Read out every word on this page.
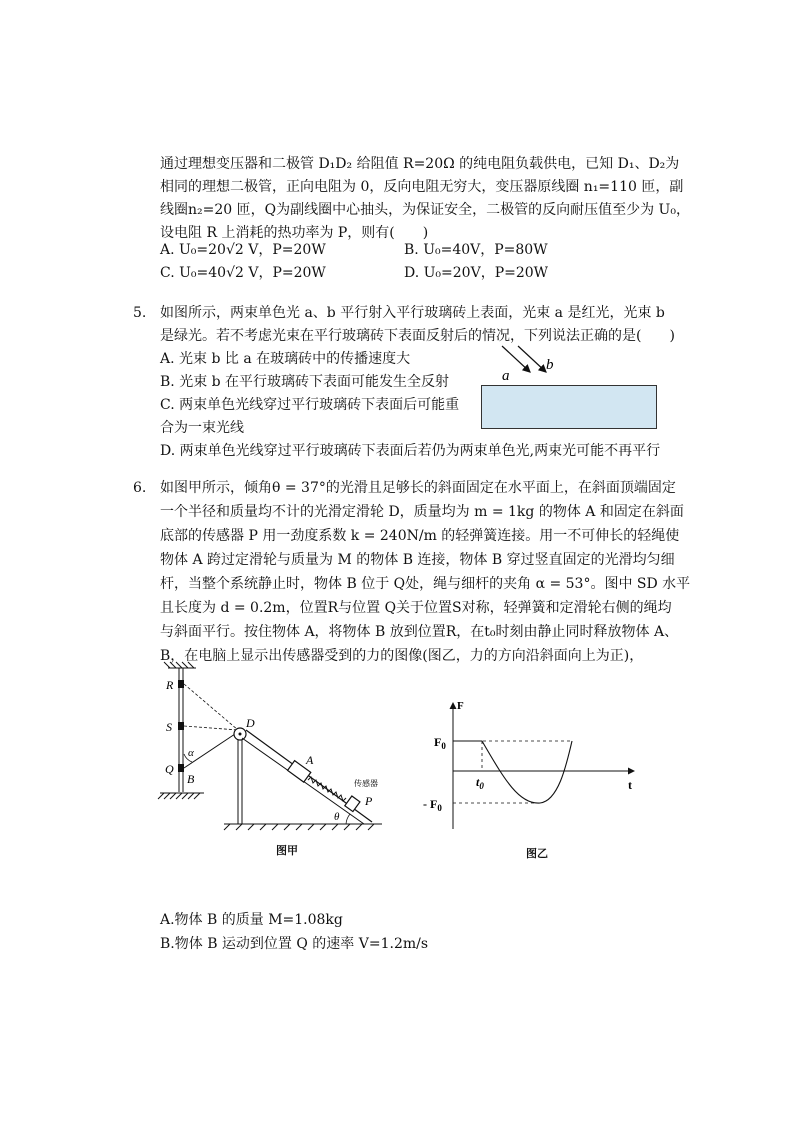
通过理想变压器和二极管 D₁D₂ 给阻值 R=20Ω 的纯电阻负载供电，已知 D₁、D₂为
相同的理想二极管，正向电阻为 0，反向电阻无穷大，变压器原线圈 n₁=110 匝，副
线圈n₂=20 匝，Q为副线圈中心抽头，为保证安全，二极管的反向耐压值至少为 U₀，
设电阻 R 上消耗的热功率为 P，则有(　　)
A. U₀=20√2 V，P=20W	B. U₀=40V，P=80W
C. U₀=40√2 V，P=20W	D. U₀=20V，P=20W
5. 如图所示，两束单色光 a、b 平行射入平行玻璃砖上表面，光束 a 是红光，光束 b
是绿光。若不考虑光束在平行玻璃砖下表面反射后的情况，下列说法正确的是(　　)
A. 光束 b 比 a 在玻璃砖中的传播速度大
B. 光束 b 在平行玻璃砖下表面可能发生全反射
C. 两束单色光线穿过平行玻璃砖下表面后可能重
合为一束光线
D. 两束单色光线穿过平行玻璃砖下表面后若仍为两束单色光,两束光可能不再平行
a
b
6. 如图甲所示，倾角θ = 37°的光滑且足够长的斜面固定在水平面上，在斜面顶端固定
一个半径和质量均不计的光滑定滑轮 D，质量均为 m = 1kg 的物体 A 和固定在斜面
底部的传感器 P 用一劲度系数 k = 240N/m 的轻弹簧连接。用一不可伸长的轻绳使
物体 A 跨过定滑轮与质量为 M 的物体 B 连接，物体 B 穿过竖直固定的光滑均匀细
杆，当整个系统静止时，物体 B 位于 Q处，绳与细杆的夹角 α = 53°。图中 SD 水平
且长度为 d = 0.2m，位置R与位置 Q关于位置S对称，轻弹簧和定滑轮右侧的绳均
与斜面平行。按住物体 A，将物体 B 放到位置R，在t₀时刻由静止同时释放物体 A、
B，在电脑上显示出传感器受到的力的图像(图乙，力的方向沿斜面向上为正)，
R
S
Q
B
α
D
A
P
θ
传感器
图甲
F
t
$F_0$
- $F_0$
$t_0$
图乙
A.物体 B 的质量 M=1.08kg
B.物体 B 运动到位置 Q 的速率 V=1.2m/s
